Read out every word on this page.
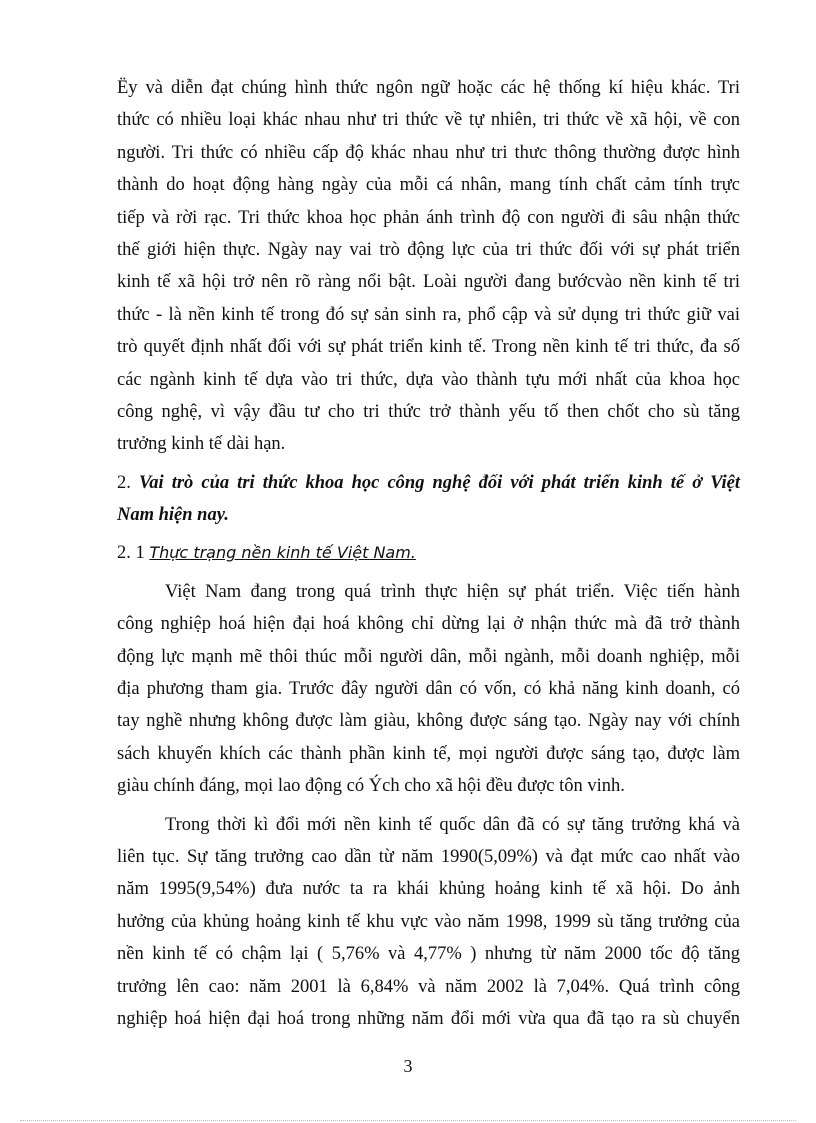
Ëy và diễn đạt chúng hình thức ngôn ngữ hoặc các hệ thống kí hiệu khác. Tri
thức có nhiều loại khác nhau như tri thức về tự nhiên, tri thức về xã hội, về con
người. Tri thức có nhiều cấp độ khác nhau như tri thưc thông thường được hình
thành do hoạt động hàng ngày của mỗi cá nhân, mang tính chất cảm tính trực
tiếp và rời rạc. Tri thức khoa học phản ánh trình độ con người đi sâu nhận thức
thế giới hiện thực. Ngày nay vai trò động lực của tri thức đối với sự phát triển
kinh tế xã hội trở nên rõ ràng nổi bật. Loài người đang bướcvào nền kinh tế tri
thức - là nền kinh tế trong đó sự sản sinh ra, phổ cập và sử dụng tri thức giữ vai
trò quyết định nhất đối với sự phát triển kinh tế. Trong nền kinh tế tri thức, đa số
các ngành kinh tế dựa vào tri thức, dựa vào thành tựu mới nhất của khoa học
công nghệ, vì vậy đầu tư cho tri thức trở thành yếu tố then chốt cho sù tăng
trưởng kinh tế dài hạn.
2. Vai trò của tri thức khoa học công nghệ đối với phát triển kinh tế ở Việt
Nam hiện nay.
2. 1 Thực trạng nền kinh tế Việt Nam.
Việt Nam đang trong quá trình thực hiện sự phát triển. Việc tiến hành
công nghiệp hoá hiện đại hoá không chỉ dừng lại ở nhận thức mà đã trở thành
động lực mạnh mẽ thôi thúc mỗi người dân, mỗi ngành, mỗi doanh nghiệp, mỗi
địa phương tham gia. Trước đây người dân có vốn, có khả năng kinh doanh, có
tay nghề nhưng không được làm giàu, không được sáng tạo. Ngày nay với chính
sách khuyến khích các thành phần kinh tế, mọi người được sáng tạo, được làm
giàu chính đáng, mọi lao động có Ých cho xã hội đều được tôn vinh.
Trong thời kì đổi mới nền kinh tế quốc dân đã có sự tăng trưởng khá và
liên tục. Sự tăng trưởng cao dần từ năm 1990(5,09%) và đạt mức cao nhất vào
năm 1995(9,54%) đưa nước ta ra khái khủng hoảng kinh tế xã hội. Do ảnh
hưởng của khủng hoảng kinh tế khu vực vào năm 1998, 1999 sù tăng trưởng của
nền kinh tế có chậm lại ( 5,76% và 4,77% ) nhưng từ năm 2000 tốc độ tăng
trưởng lên cao: năm 2001 là 6,84% và năm 2002 là 7,04%. Quá trình công
nghiệp hoá hiện đại hoá trong những năm đổi mới vừa qua đã tạo ra sù chuyển
3
